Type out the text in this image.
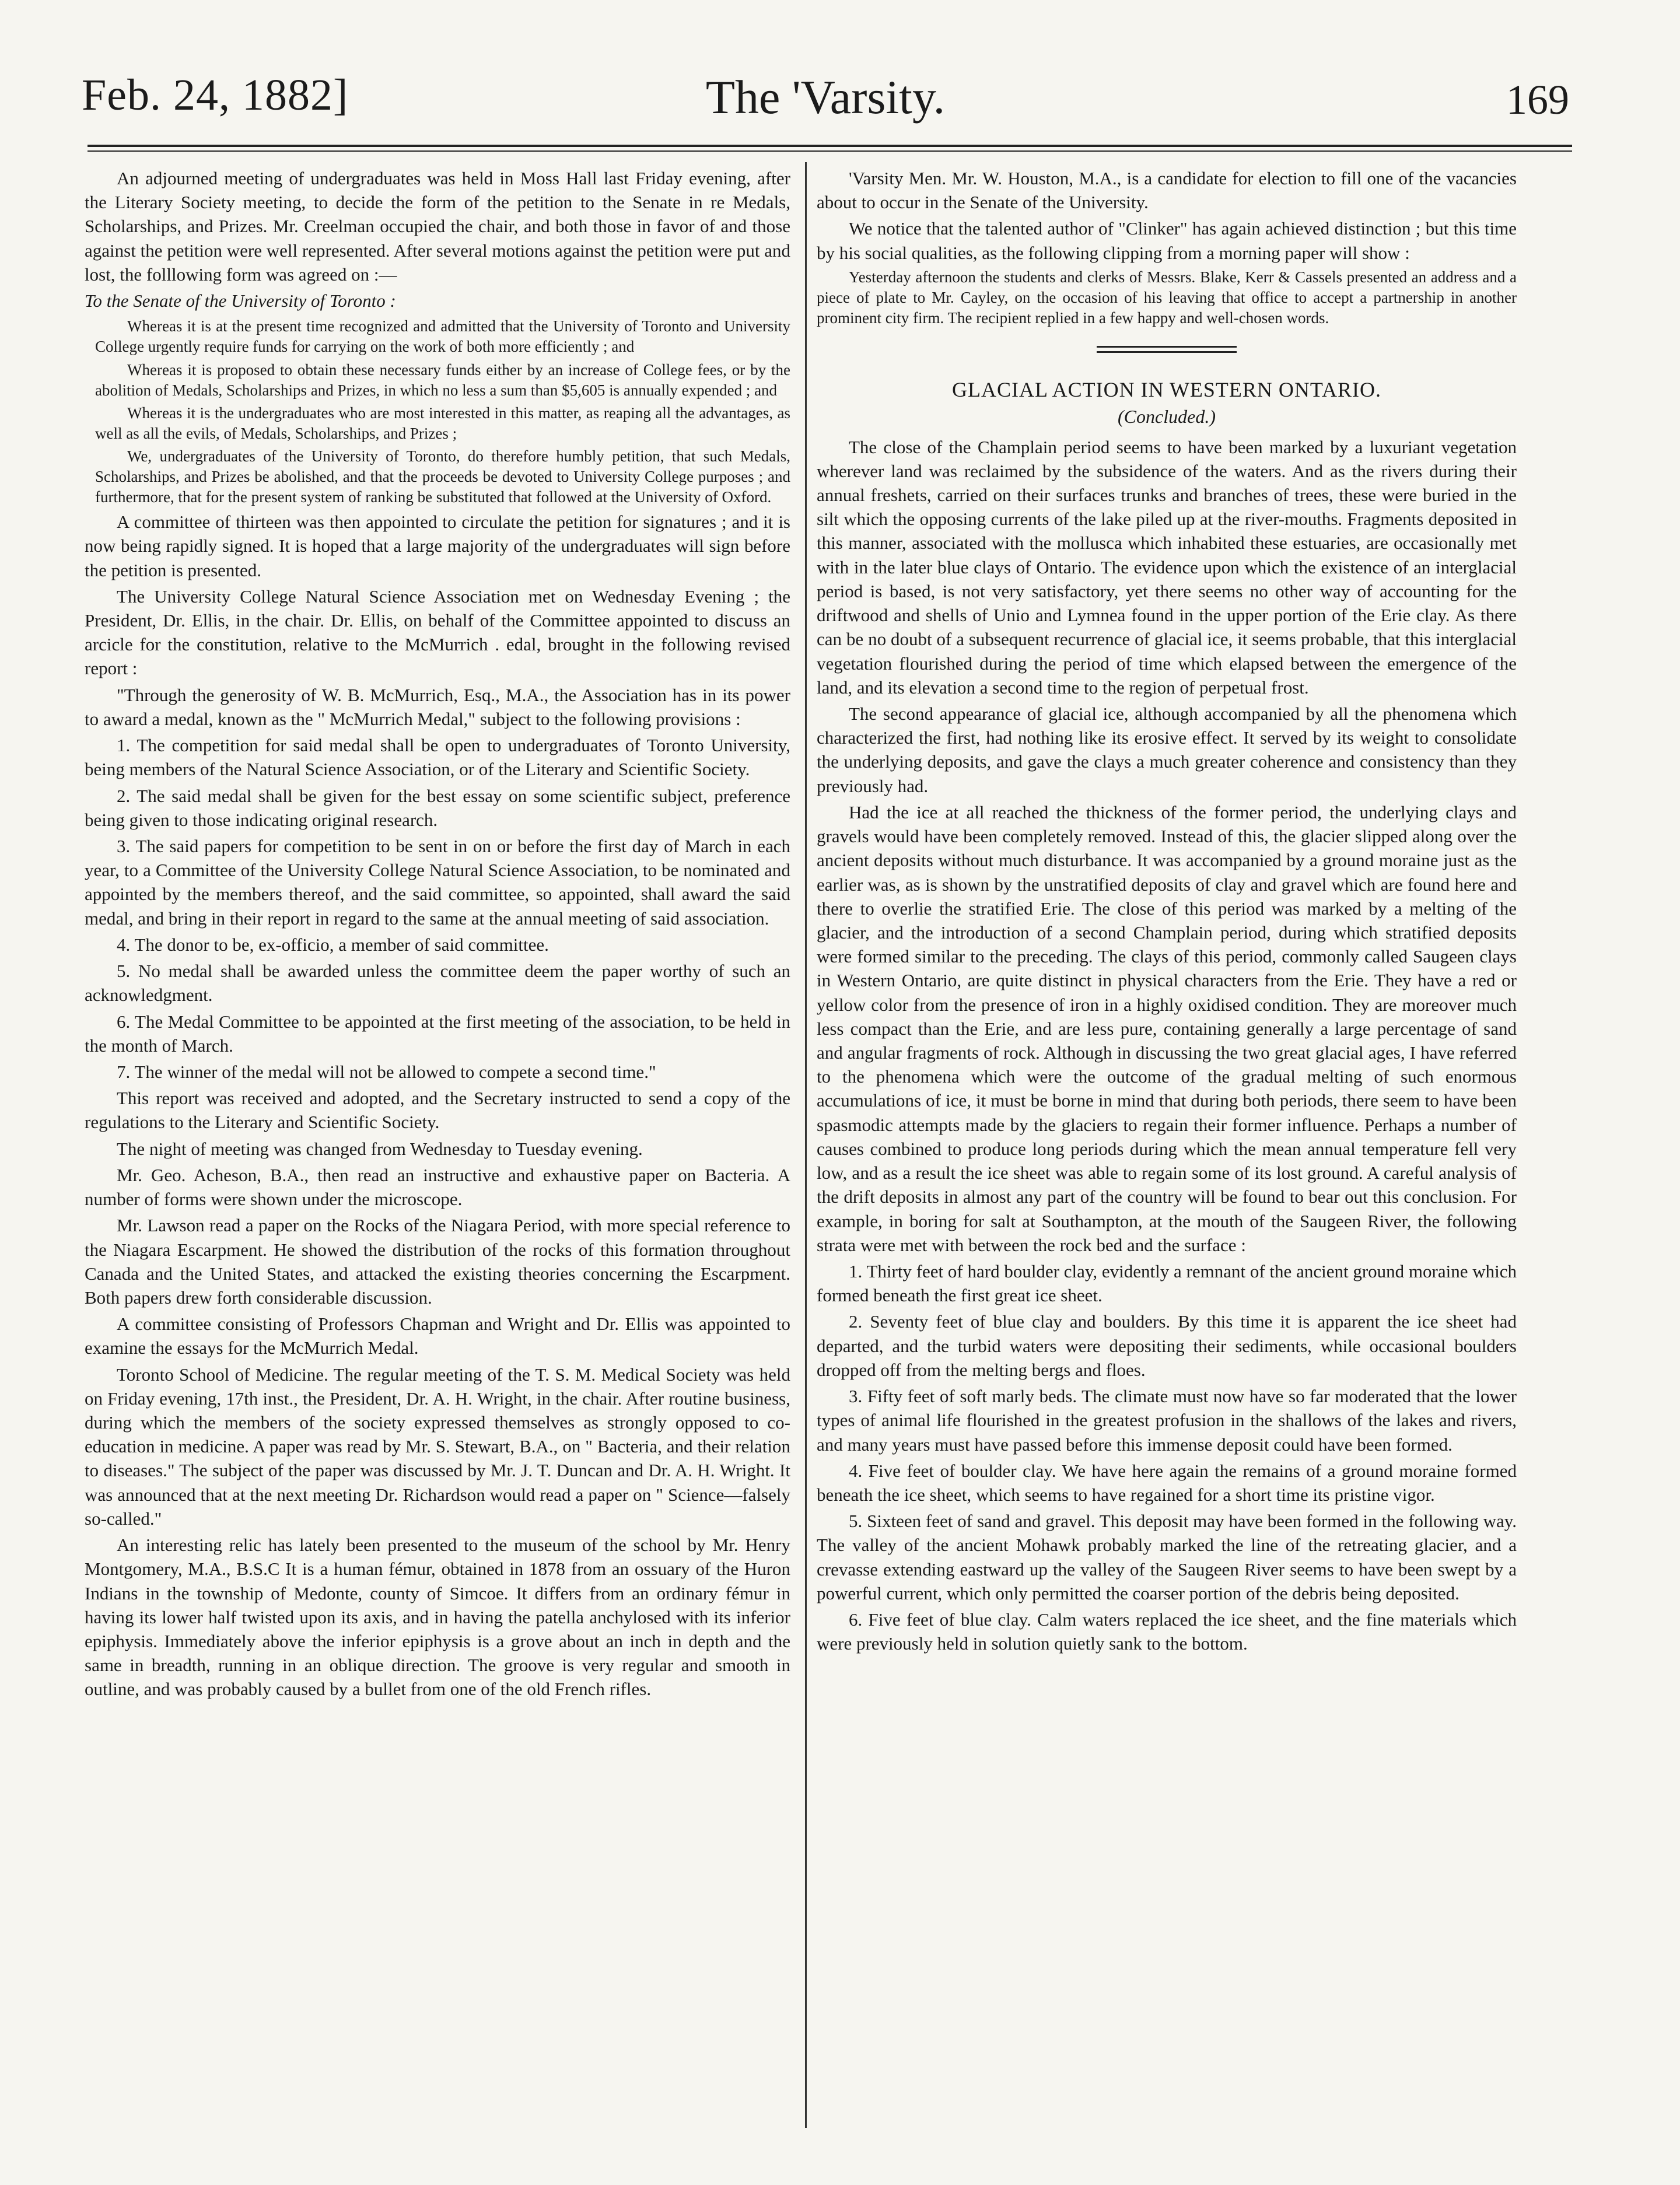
Feb. 24, 1882]	The 'Varsity.	169

An adjourned meeting of undergraduates was held in Moss Hall last Friday evening, after the Literary Society meeting, to decide the form of the petition to the Senate in re Medals, Scholarships, and Prizes. Mr. Creelman occupied the chair, and both those in favor of and those against the petition were well represented. After several motions against the petition were put and lost, the folllowing form was agreed on :—

To the Senate of the University of Toronto :

Whereas it is at the present time recognized and admitted that the University of Toronto and University College urgently require funds for carrying on the work of both more efficiently ; and

Whereas it is proposed to obtain these necessary funds either by an increase of College fees, or by the abolition of Medals, Scholarships and Prizes, in which no less a sum than $5,605 is annually expended ; and

Whereas it is the undergraduates who are most interested in this matter, as reaping all the advantages, as well as all the evils, of Medals, Scholarships, and Prizes ;

We, undergraduates of the University of Toronto, do therefore humbly petition, that such Medals, Scholarships, and Prizes be abolished, and that the proceeds be devoted to University College purposes ; and furthermore, that for the present system of ranking be substituted that followed at the University of Oxford.

A committee of thirteen was then appointed to circulate the petition for signatures ; and it is now being rapidly signed. It is hoped that a large majority of the undergraduates will sign before the petition is presented.

The University College Natural Science Association met on Wednesday Evening ; the President, Dr. Ellis, in the chair. Dr. Ellis, on behalf of the Committee appointed to discuss an arcicle for the constitution, relative to the McMurrich . edal, brought in the following revised report :

"Through the generosity of W. B. McMurrich, Esq., M.A., the Association has in its power to award a medal, known as the " McMurrich Medal," subject to the following provisions :

1. The competition for said medal shall be open to undergraduates of Toronto University, being members of the Natural Science Association, or of the Literary and Scientific Society.

2. The said medal shall be given for the best essay on some scientific subject, preference being given to those indicating original research.

3. The said papers for competition to be sent in on or before the first day of March in each year, to a Committee of the University College Natural Science Association, to be nominated and appointed by the members thereof, and the said committee, so appointed, shall award the said medal, and bring in their report in regard to the same at the annual meeting of said association.

4. The donor to be, ex-officio, a member of said committee.

5. No medal shall be awarded unless the committee deem the paper worthy of such an acknowledgment.

6. The Medal Committee to be appointed at the first meeting of the association, to be held in the month of March.

7. The winner of the medal will not be allowed to compete a second time."

This report was received and adopted, and the Secretary instructed to send a copy of the regulations to the Literary and Scientific Society.

The night of meeting was changed from Wednesday to Tuesday evening.

Mr. Geo. Acheson, B.A., then read an instructive and exhaustive paper on Bacteria. A number of forms were shown under the microscope.

Mr. Lawson read a paper on the Rocks of the Niagara Period, with more special reference to the Niagara Escarpment. He showed the distribution of the rocks of this formation throughout Canada and the United States, and attacked the existing theories concerning the Escarpment. Both papers drew forth considerable discussion.

A committee consisting of Professors Chapman and Wright and Dr. Ellis was appointed to examine the essays for the McMurrich Medal.

Toronto School of Medicine. The regular meeting of the T. S. M. Medical Society was held on Friday evening, 17th inst., the President, Dr. A. H. Wright, in the chair. After routine business, during which the members of the society expressed themselves as strongly opposed to co-education in medicine. A paper was read by Mr. S. Stewart, B.A., on " Bacteria, and their relation to diseases." The subject of the paper was discussed by Mr. J. T. Duncan and Dr. A. H. Wright. It was announced that at the next meeting Dr. Richardson would read a paper on " Science—falsely so-called."

An interesting relic has lately been presented to the museum of the school by Mr. Henry Montgomery, M.A., B.S.C It is a human fémur, obtained in 1878 from an ossuary of the Huron Indians in the township of Medonte, county of Simcoe. It differs from an ordinary fémur in having its lower half twisted upon its axis, and in having the patella anchylosed with its inferior epiphysis. Immediately above the inferior epiphysis is a grove about an inch in depth and the same in breadth, running in an oblique direction. The groove is very regular and smooth in outline, and was probably caused by a bullet from one of the old French rifles.

'Varsity Men. Mr. W. Houston, M.A., is a candidate for election to fill one of the vacancies about to occur in the Senate of the University.

We notice that the talented author of "Clinker" has again achieved distinction ; but this time by his social qualities, as the following clipping from a morning paper will show :

Yesterday afternoon the students and clerks of Messrs. Blake, Kerr & Cassels presented an address and a piece of plate to Mr. Cayley, on the occasion of his leaving that office to accept a partnership in another prominent city firm. The recipient replied in a few happy and well-chosen words.

GLACIAL ACTION IN WESTERN ONTARIO.
(Concluded.)

The close of the Champlain period seems to have been marked by a luxuriant vegetation wherever land was reclaimed by the subsidence of the waters. And as the rivers during their annual freshets, carried on their surfaces trunks and branches of trees, these were buried in the silt which the opposing currents of the lake piled up at the river-mouths. Fragments deposited in this manner, associated with the mollusca which inhabited these estuaries, are occasionally met with in the later blue clays of Ontario. The evidence upon which the existence of an interglacial period is based, is not very satisfactory, yet there seems no other way of accounting for the driftwood and shells of Unio and Lymnea found in the upper portion of the Erie clay. As there can be no doubt of a subsequent recurrence of glacial ice, it seems probable, that this interglacial vegetation flourished during the period of time which elapsed between the emergence of the land, and its elevation a second time to the region of perpetual frost.

The second appearance of glacial ice, although accompanied by all the phenomena which characterized the first, had nothing like its erosive effect. It served by its weight to consolidate the underlying deposits, and gave the clays a much greater coherence and consistency than they previously had.

Had the ice at all reached the thickness of the former period, the underlying clays and gravels would have been completely removed. Instead of this, the glacier slipped along over the ancient deposits without much disturbance. It was accompanied by a ground moraine just as the earlier was, as is shown by the unstratified deposits of clay and gravel which are found here and there to overlie the stratified Erie. The close of this period was marked by a melting of the glacier, and the introduction of a second Champlain period, during which stratified deposits were formed similar to the preceding. The clays of this period, commonly called Saugeen clays in Western Ontario, are quite distinct in physical characters from the Erie. They have a red or yellow color from the presence of iron in a highly oxidised condition. They are moreover much less compact than the Erie, and are less pure, containing generally a large percentage of sand and angular fragments of rock. Although in discussing the two great glacial ages, I have referred to the phenomena which were the outcome of the gradual melting of such enormous accumulations of ice, it must be borne in mind that during both periods, there seem to have been spasmodic attempts made by the glaciers to regain their former influence. Perhaps a number of causes combined to produce long periods during which the mean annual temperature fell very low, and as a result the ice sheet was able to regain some of its lost ground. A careful analysis of the drift deposits in almost any part of the country will be found to bear out this conclusion. For example, in boring for salt at Southampton, at the mouth of the Saugeen River, the following strata were met with between the rock bed and the surface :

1. Thirty feet of hard boulder clay, evidently a remnant of the ancient ground moraine which formed beneath the first great ice sheet.

2. Seventy feet of blue clay and boulders. By this time it is apparent the ice sheet had departed, and the turbid waters were depositing their sediments, while occasional boulders dropped off from the melting bergs and floes.

3. Fifty feet of soft marly beds. The climate must now have so far moderated that the lower types of animal life flourished in the greatest profusion in the shallows of the lakes and rivers, and many years must have passed before this immense deposit could have been formed.

4. Five feet of boulder clay. We have here again the remains of a ground moraine formed beneath the ice sheet, which seems to have regained for a short time its pristine vigor.

5. Sixteen feet of sand and gravel. This deposit may have been formed in the following way. The valley of the ancient Mohawk probably marked the line of the retreating glacier, and a crevasse extending eastward up the valley of the Saugeen River seems to have been swept by a powerful current, which only permitted the coarser portion of the debris being deposited.

6. Five feet of blue clay. Calm waters replaced the ice sheet, and the fine materials which were previously held in solution quietly sank to the bottom.
